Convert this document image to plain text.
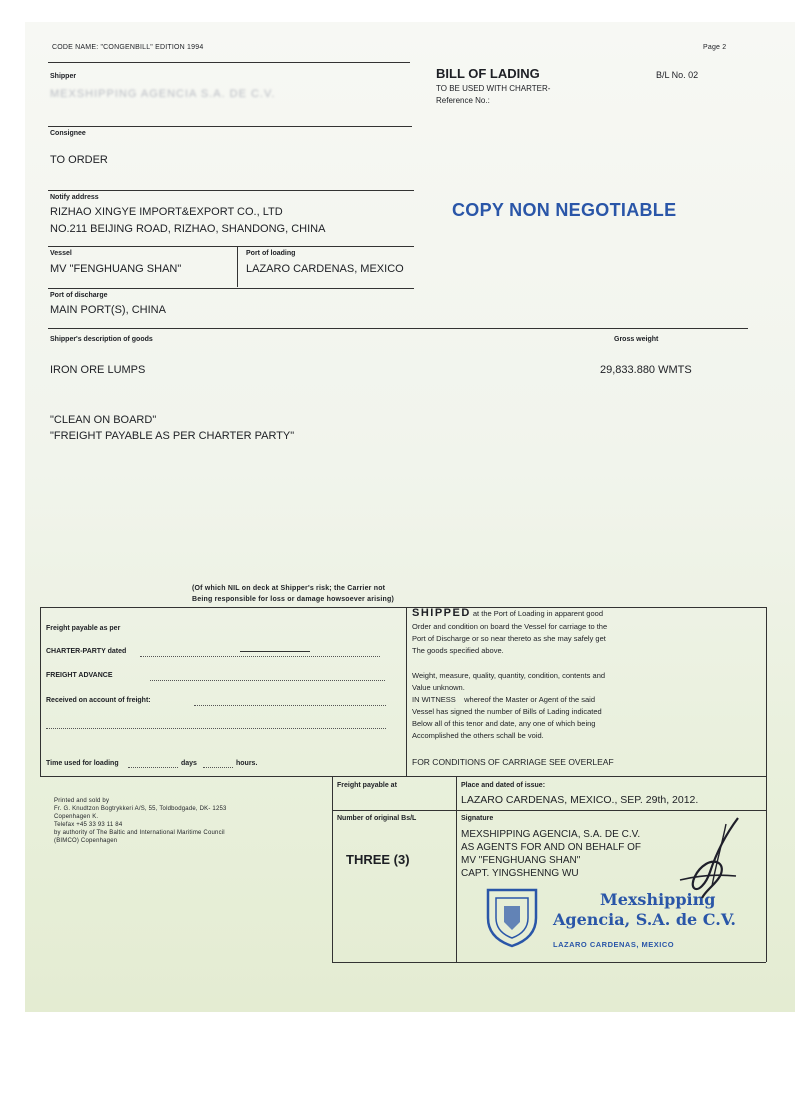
CODE NAME: "CONGENBILL" EDITION 1994	Page 2
Shipper
MEXSHIPPING AGENCIA S.A. DE C.V.
BILL OF LADING	B/L No. 02
TO BE USED WITH CHARTER-
Reference No.:
Consignee
TO ORDER
Notify address
RIZHAO XINGYE IMPORT&EXPORT CO., LTD
NO.211 BEIJING ROAD, RIZHAO, SHANDONG, CHINA
COPY NON NEGOTIABLE
Vessel
MV "FENGHUANG SHAN"
Port of loading
LAZARO CARDENAS, MEXICO
Port of discharge
MAIN PORT(S), CHINA
Shipper's description of goods	Gross weight
IRON ORE LUMPS	29,833.880 WMTS
"CLEAN ON BOARD"
"FREIGHT PAYABLE AS PER CHARTER PARTY"
(Of which NIL on deck at Shipper's risk; the Carrier not
Being responsible for loss or damage howsoever arising)
Freight payable as per
CHARTER-PARTY dated
FREIGHT ADVANCE
Received on account of freight:
Time used for loading	days	hours.
SHIPPED at the Port of Loading in apparent good
Order and condition on board the Vessel for carriage to the
Port of Discharge or so near thereto as she may safely get
The goods specified above.
Weight, measure, quality, quantity, condition, contents and
Value unknown.
IN WITNESS whereof the Master or Agent of the said
Vessel has signed the number of Bills of Lading indicated
Below all of this tenor and date, any one of which being
Accomplished the others schall be void.
FOR CONDITIONS OF CARRIAGE SEE OVERLEAF
Printed and sold by
Fr. G. Knudtzon Bogtrykkeri A/S, 55, Toldbodgade, DK- 1253
Copenhagen K.
Telefax +45 33 93 11 84
by authority of The Baltic and International Maritime Council
(BIMCO) Copenhagen
Freight payable at	Place and dated of issue:
LAZARO CARDENAS, MEXICO., SEP. 29th, 2012.
Number of original Bs/L
THREE (3)
Signature
MEXSHIPPING AGENCIA, S.A. DE C.V.
AS AGENTS FOR AND ON BEHALF OF
MV "FENGHUANG SHAN"
CAPT. YINGSHENNG WU
Mexshipping
Agencia, S.A. de C.V.
LAZARO CARDENAS, MEXICO
